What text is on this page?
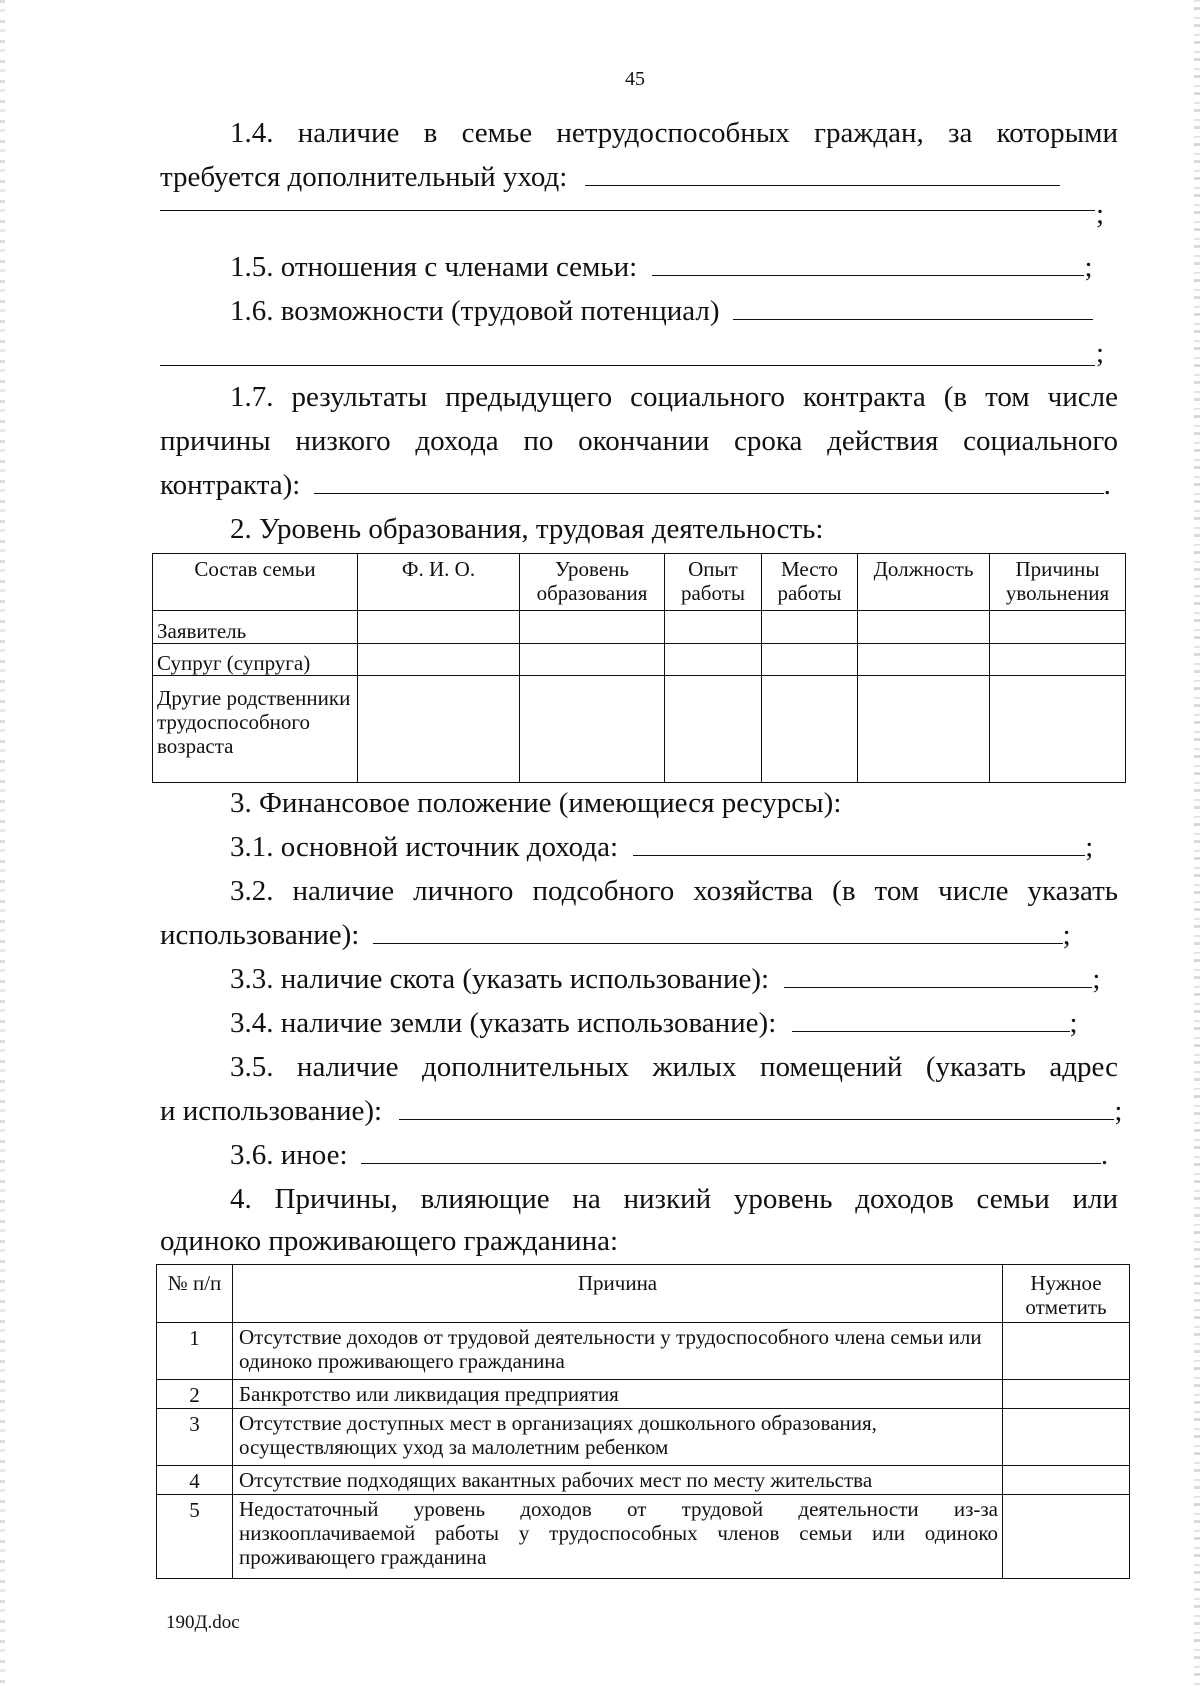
45
1.4. наличие в семье нетрудоспособных граждан, за которыми
требуется дополнительный уход:
;
1.5. отношения с членами семьи:	;
1.6. возможности (трудовой потенциал)
;
1.7. результаты предыдущего социального контракта (в том числе
причины низкого дохода по окончании срока действия социального
контракта):	.
2. Уровень образования, трудовая деятельность:
Состав семьи	Ф. И. О.	Уровень образования	Опыт работы	Место работы	Должность	Причины увольнения
Заявитель						
Супруг (супруга)						
Другие родственники трудоспособного возраста						
3. Финансовое положение (имеющиеся ресурсы):
3.1. основной источник дохода:	;
3.2. наличие личного подсобного хозяйства (в том числе указать
использование):	;
3.3. наличие скота (указать использование):	;
3.4. наличие земли (указать использование):	;
3.5. наличие дополнительных жилых помещений (указать адрес
и использование):	;
3.6. иное:	.
4. Причины, влияющие на низкий уровень доходов семьи или
одиноко проживающего гражданина:
№ п/п	Причина	Нужное отметить
1	Отсутствие доходов от трудовой деятельности у трудоспособного члена семьи или одиноко проживающего гражданина	
2	Банкротство или ликвидация предприятия	
3	Отсутствие доступных мест в организациях дошкольного образования, осуществляющих уход за малолетним ребенком	
4	Отсутствие подходящих вакантных рабочих мест по месту жительства	
5	Недостаточный уровень доходов от трудовой деятельности из-за низкооплачиваемой работы у трудоспособных членов семьи или одиноко проживающего гражданина	
190Д.doc
